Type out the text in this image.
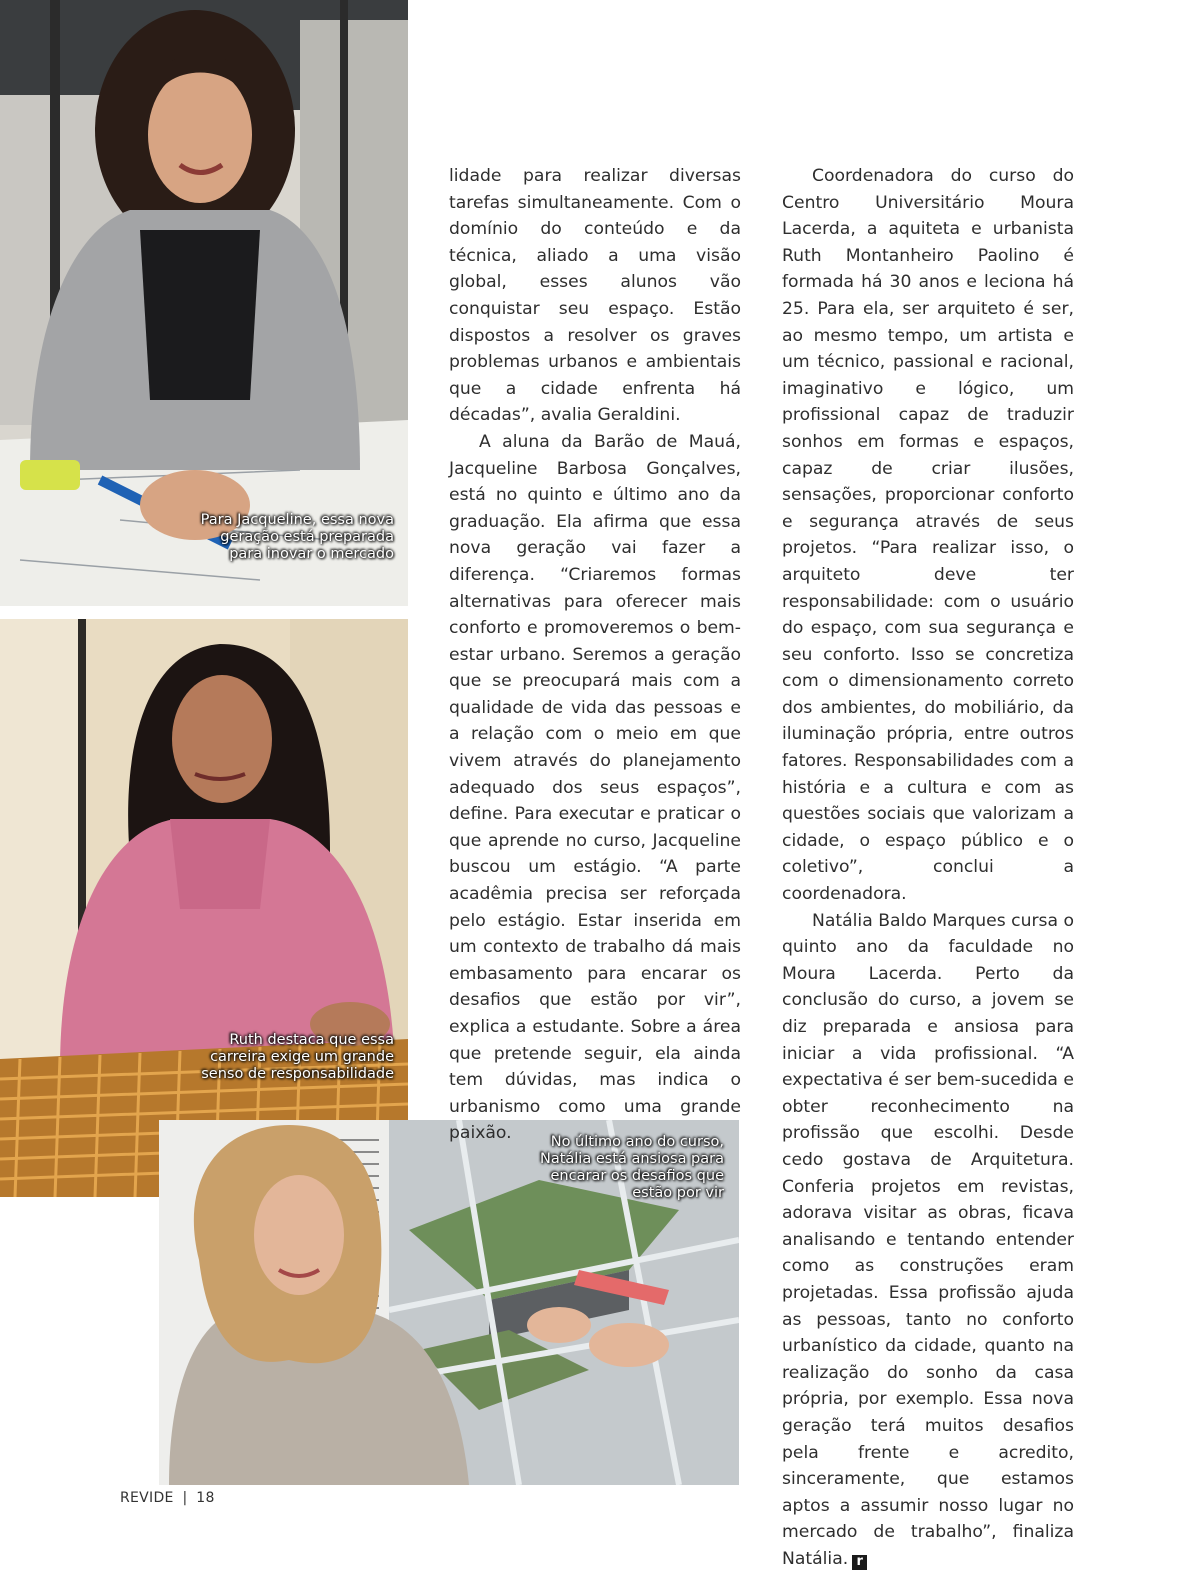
Para Jacqueline, essa nova geração está preparada para inovar o mercado
Ruth destaca que essa carreira exige um grande senso de responsabilidade
No último ano do curso, Natália está ansiosa para encarar os desafios que estão por vir

lidade para realizar diversas tarefas simultaneamente. Com o domínio do conteúdo e da técnica, aliado a uma visão global, esses alunos vão conquistar seu espaço. Estão dispostos a resolver os graves problemas urbanos e ambientais que a cidade enfrenta há décadas”, avalia Geraldini.

A aluna da Barão de Mauá, Jacqueline Barbosa Gonçalves, está no quinto e último ano da graduação. Ela afirma que essa nova geração vai fazer a diferença. “Criaremos formas alternativas para oferecer mais conforto e promoveremos o bem-estar urbano. Seremos a geração que se preocupará mais com a qualidade de vida das pessoas e a relação com o meio em que vivem através do planejamento adequado dos seus espaços”, define. Para executar e praticar o que aprende no curso, Jacqueline buscou um estágio. “A parte acadêmia precisa ser reforçada pelo estágio. Estar inserida em um contexto de trabalho dá mais embasamento para encarar os desafios que estão por vir”, explica a estudante. Sobre a área que pretende seguir, ela ainda tem dúvidas, mas indica o urbanismo como uma grande paixão.

Coordenadora do curso do Centro Universitário Moura Lacerda, a aquiteta e urbanista Ruth Montanheiro Paolino é formada há 30 anos e leciona há 25. Para ela, ser arquiteto é ser, ao mesmo tempo, um artista e um técnico, passional e racional, imaginativo e lógico, um profissional capaz de traduzir sonhos em formas e espaços, capaz de criar ilusões, sensações, proporcionar conforto e segurança através de seus projetos. “Para realizar isso, o arquiteto deve ter responsabilidade: com o usuário do espaço, com sua segurança e seu conforto. Isso se concretiza com o dimensionamento correto dos ambientes, do mobiliário, da iluminação própria, entre outros fatores. Responsabilidades com a história e a cultura e com as questões sociais que valorizam a cidade, o espaço público e o coletivo”, conclui a coordenadora.

Natália Baldo Marques cursa o quinto ano da faculdade no Moura Lacerda. Perto da conclusão do curso, a jovem se diz preparada e ansiosa para iniciar a vida profissional. “A expectativa é ser bem-sucedida e obter reconhecimento na profissão que escolhi. Desde cedo gostava de Arquitetura. Conferia projetos em revistas, adorava visitar as obras, ficava analisando e tentando entender como as construções eram projetadas. Essa profissão ajuda as pessoas, tanto no conforto urbanístico da cidade, quanto na realização do sonho da casa própria, por exemplo. Essa nova geração terá muitos desafios pela frente e acredito, sinceramente, que estamos aptos a assumir nosso lugar no mercado de trabalho”, finaliza Natália. r

REVIDE | 18
